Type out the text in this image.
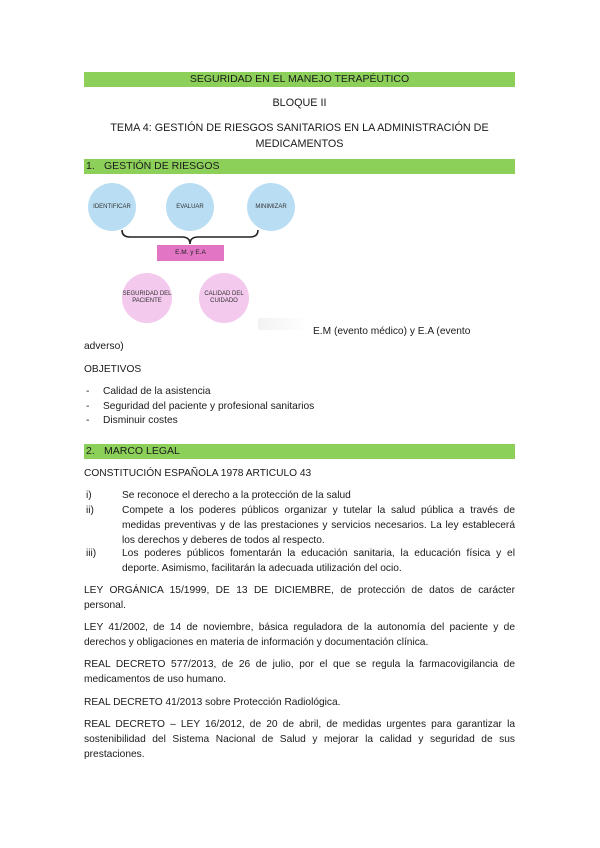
SEGURIDAD EN EL MANEJO TERAPÉUTICO
BLOQUE II
TEMA 4: GESTIÓN DE RIESGOS SANITARIOS EN LA ADMINISTRACIÓN DE MEDICAMENTOS
1. GESTIÓN DE RIESGOS
IDENTIFICAR	EVALUAR	MINIMIZAR
E.M. y E.A
SEGURIDAD DEL PACIENTE
CALIDAD DEL CUIDADO
E.M (evento médico) y E.A (evento
adverso)
OBJETIVOS
- Calidad de la asistencia
- Seguridad del paciente y profesional sanitarios
- Disminuir costes
2. MARCO LEGAL
CONSTITUCIÓN ESPAÑOLA 1978 ARTICULO 43
i)	Se reconoce el derecho a la protección de la salud
ii)	Compete a los poderes públicos organizar y tutelar la salud pública a través de medidas preventivas y de las prestaciones y servicios necesarios. La ley establecerá los derechos y deberes de todos al respecto.
iii)	Los poderes públicos fomentarán la educación sanitaria, la educación física y el deporte. Asimismo, facilitarán la adecuada utilización del ocio.
LEY ORGÁNICA 15/1999, DE 13 DE DICIEMBRE, de protección de datos de carácter personal.
LEY 41/2002, de 14 de noviembre, básica reguladora de la autonomía del paciente y de derechos y obligaciones en materia de información y documentación clínica.
REAL DECRETO 577/2013, de 26 de julio, por el que se regula la farmacovigilancia de medicamentos de uso humano.
REAL DECRETO 41/2013 sobre Protección Radiológica.
REAL DECRETO – LEY 16/2012, de 20 de abril, de medidas urgentes para garantizar la sostenibilidad del Sistema Nacional de Salud y mejorar la calidad y seguridad de sus prestaciones.
